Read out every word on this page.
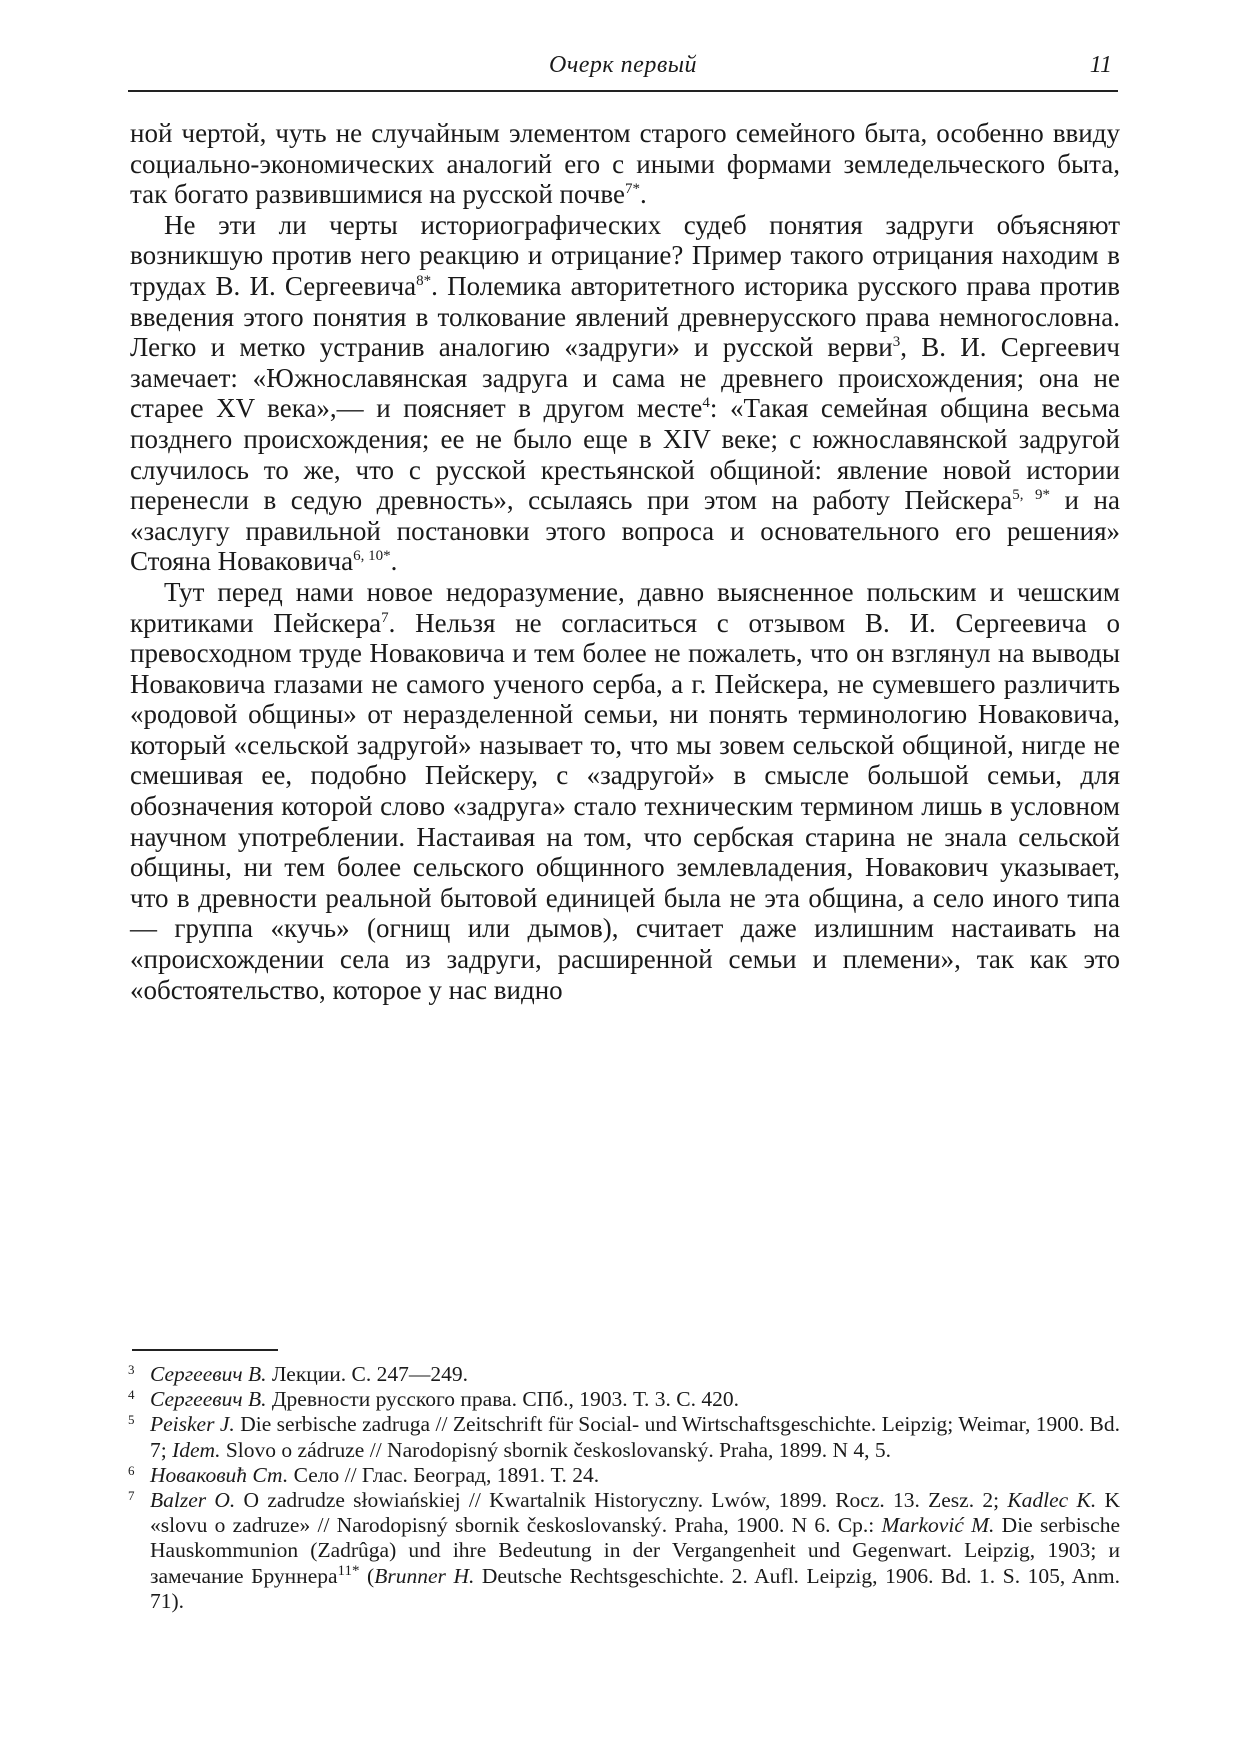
Очерк первый	11

ной чертой, чуть не случайным элементом старого семейного быта, особенно ввиду социально-экономических аналогий его с иными формами земледельческого быта, так богато развившимися на русской почве$^{7*}$.

Не эти ли черты историографических судеб понятия задруги объясняют возникшую против него реакцию и отрицание? Пример такого отрицания находим в трудах В. И. Сергеевича$^{8*}$. Полемика авторитетного историка русского права против введения этого понятия в толкование явлений древнерусского права немногословна. Легко и метко устранив аналогию «задруги» и русской верви$^3$, В. И. Сергеевич замечает: «Южнославянская задруга и сама не древнего происхождения; она не старее XV века»,— и поясняет в другом месте$^4$: «Такая семейная община весьма позднего происхождения; ее не было еще в XIV веке; с южнославянской задругой случилось то же, что с русской крестьянской общиной: явление новой истории перенесли в седую древность», ссылаясь при этом на работу Пейскера$^{5, 9*}$ и на «заслугу правильной постановки этого вопроса и основательного его решения» Стояна Новаковича$^{6, 10*}$.

Тут перед нами новое недоразумение, давно выясненное польским и чешским критиками Пейскера$^7$. Нельзя не согласиться с отзывом В. И. Сергеевича о превосходном труде Новаковича и тем более не пожалеть, что он взглянул на выводы Новаковича глазами не самого ученого серба, а г. Пейскера, не сумевшего различить «родовой общины» от неразделенной семьи, ни понять терминологию Новаковича, который «сельской задругой» называет то, что мы зовем сельской общиной, нигде не смешивая ее, подобно Пейскеру, с «задругой» в смысле большой семьи, для обозначения которой слово «задруга» стало техническим термином лишь в условном научном употреблении. Настаивая на том, что сербская старина не знала сельской общины, ни тем более сельского общинного землевладения, Новакович указывает, что в древности реальной бытовой единицей была не эта община, а село иного типа — группа «кучь» (огнищ или дымов), считает даже излишним настаивать на «происхождении села из задруги, расширенной семьи и племени», так как это «обстоятельство, которое у нас видно

3 Сергеевич В. Лекции. С. 247—249.
4 Сергеевич В. Древности русского права. СПб., 1903. Т. 3. С. 420.
5 Peisker J. Die serbische zadruga // Zeitschrift für Social- und Wirtschaftsgeschichte. Leipzig; Weimar, 1900. Bd. 7; Idem. Slovo o zádruze // Narodopisný sbornik českoslovanský. Praha, 1899. N 4, 5.
6 Новаковић Ст. Село // Глас. Београд, 1891. Т. 24.
7 Balzer O. O zadrudze słowiańskiej // Kwartalnik Historyczny. Lwów, 1899. Rocz. 13. Zesz. 2; Kadlec K. K «slovu o zadruze» // Narodopisný sbornik českoslovanský. Praha, 1900. N 6. Ср.: Marković M. Die serbische Hauskommunion (Zadrûga) und ihre Bedeutung in der Vergangenheit und Gegenwart. Leipzig, 1903; и замечание Бруннера$^{11*}$ (Brunner H. Deutsche Rechtsgeschichte. 2. Aufl. Leipzig, 1906. Bd. 1. S. 105, Anm. 71).
